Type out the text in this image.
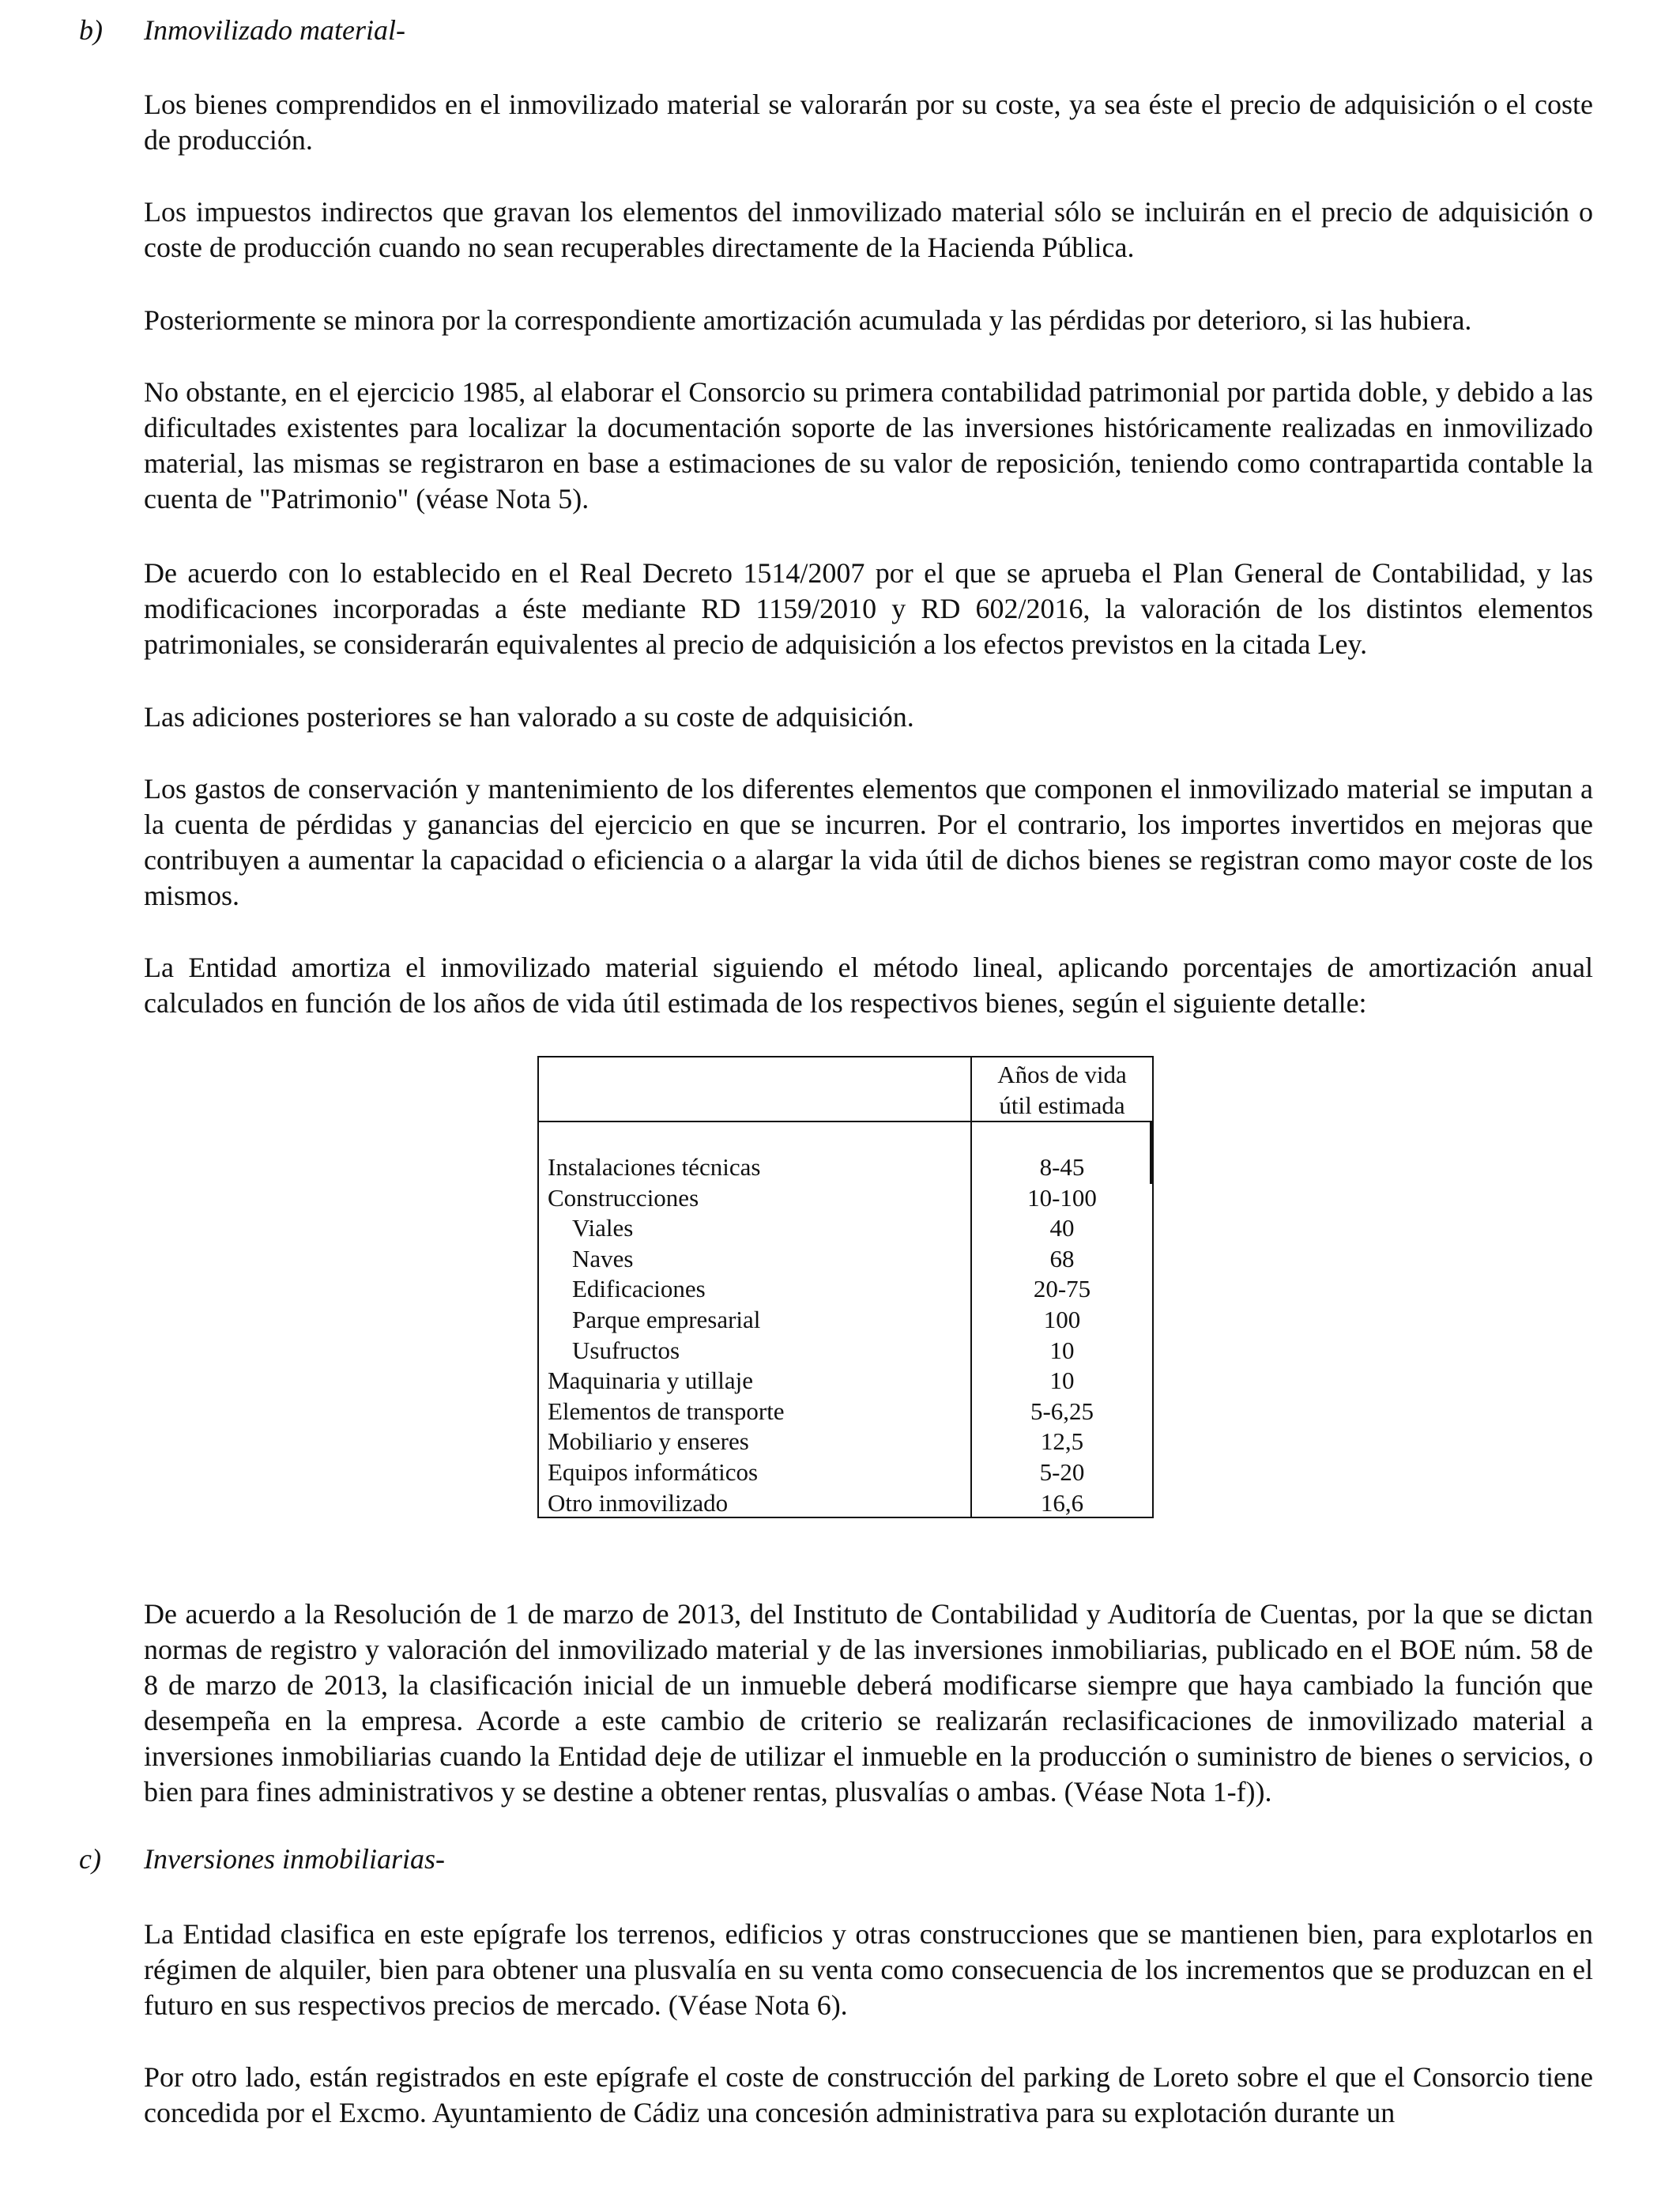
b) Inmovilizado material-
Los bienes comprendidos en el inmovilizado material se valorarán por su coste, ya sea éste el precio de adquisición o el coste de producción.
Los impuestos indirectos que gravan los elementos del inmovilizado material sólo se incluirán en el precio de adquisición o coste de producción cuando no sean recuperables directamente de la Hacienda Pública.
Posteriormente se minora por la correspondiente amortización acumulada y las pérdidas por deterioro, si las hubiera.
No obstante, en el ejercicio 1985, al elaborar el Consorcio su primera contabilidad patrimonial por partida doble, y debido a las dificultades existentes para localizar la documentación soporte de las inversiones históricamente realizadas en inmovilizado material, las mismas se registraron en base a estimaciones de su valor de reposición, teniendo como contrapartida contable la cuenta de "Patrimonio" (véase Nota 5).
De acuerdo con lo establecido en el Real Decreto 1514/2007 por el que se aprueba el Plan General de Contabilidad, y las modificaciones incorporadas a éste mediante RD 1159/2010 y RD 602/2016, la valoración de los distintos elementos patrimoniales, se considerarán equivalentes al precio de adquisición a los efectos previstos en la citada Ley.
Las adiciones posteriores se han valorado a su coste de adquisición.
Los gastos de conservación y mantenimiento de los diferentes elementos que componen el inmovilizado material se imputan a la cuenta de pérdidas y ganancias del ejercicio en que se incurren. Por el contrario, los importes invertidos en mejoras que contribuyen a aumentar la capacidad o eficiencia o a alargar la vida útil de dichos bienes se registran como mayor coste de los mismos.
La Entidad amortiza el inmovilizado material siguiendo el método lineal, aplicando porcentajes de amortización anual calculados en función de los años de vida útil estimada de los respectivos bienes, según el siguiente detalle:
Años de vida
útil estimada
Instalaciones técnicas	8-45
Construcciones	10-100
Viales	40
Naves	68
Edificaciones	20-75
Parque empresarial	100
Usufructos	10
Maquinaria y utillaje	10
Elementos de transporte	5-6,25
Mobiliario y enseres	12,5
Equipos informáticos	5-20
Otro inmovilizado	16,6
De acuerdo a la Resolución de 1 de marzo de 2013, del Instituto de Contabilidad y Auditoría de Cuentas, por la que se dictan normas de registro y valoración del inmovilizado material y de las inversiones inmobiliarias, publicado en el BOE núm. 58 de 8 de marzo de 2013, la clasificación inicial de un inmueble deberá modificarse siempre que haya cambiado la función que desempeña en la empresa. Acorde a este cambio de criterio se realizarán reclasificaciones de inmovilizado material a inversiones inmobiliarias cuando la Entidad deje de utilizar el inmueble en la producción o suministro de bienes o servicios, o bien para fines administrativos y se destine a obtener rentas, plusvalías o ambas. (Véase Nota 1-f)).
c) Inversiones inmobiliarias-
La Entidad clasifica en este epígrafe los terrenos, edificios y otras construcciones que se mantienen bien, para explotarlos en régimen de alquiler, bien para obtener una plusvalía en su venta como consecuencia de los incrementos que se produzcan en el futuro en sus respectivos precios de mercado. (Véase Nota 6).
Por otro lado, están registrados en este epígrafe el coste de construcción del parking de Loreto sobre el que el Consorcio tiene concedida por el Excmo. Ayuntamiento de Cádiz una concesión administrativa para su explotación durante un
